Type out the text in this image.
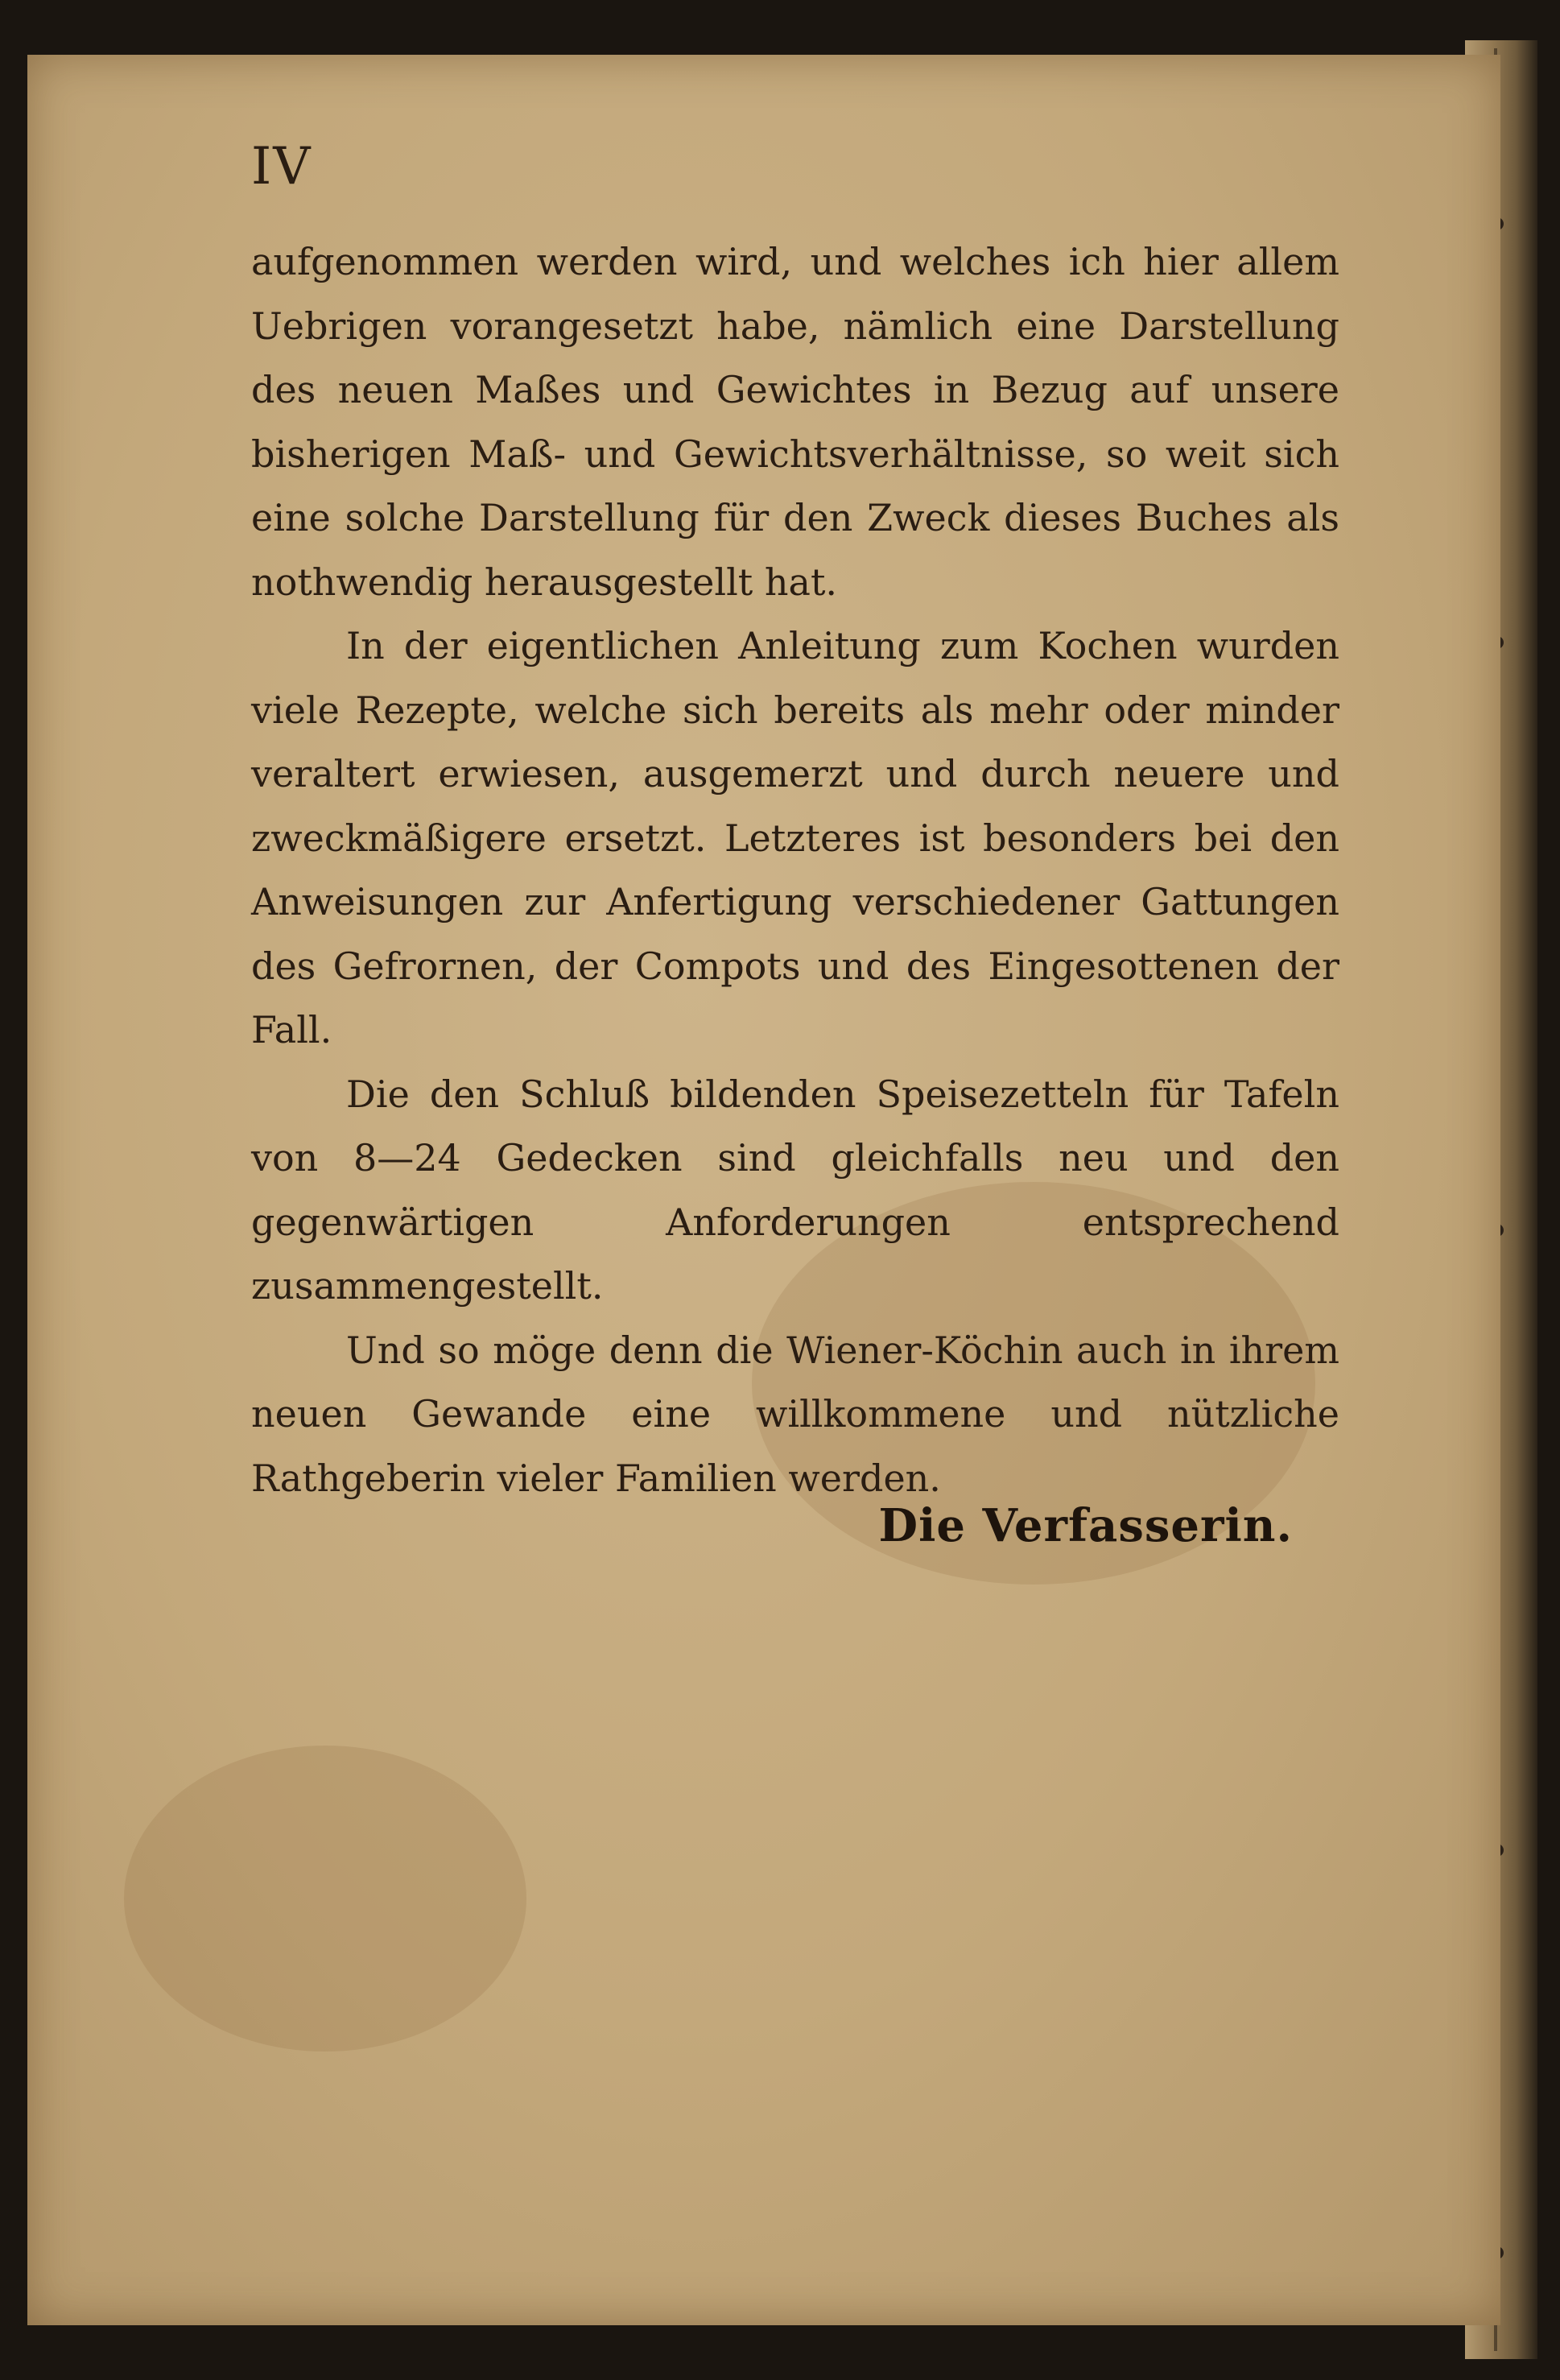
IV

aufgenommen werden wird, und welches ich hier allem Uebrigen vorangesetzt habe, nämlich eine Darstellung des neuen Maßes und Gewichtes in Bezug auf unsere bisherigen Maß- und Gewichtsverhältnisse, so weit sich eine solche Darstellung für den Zweck dieses Buches als nothwendig herausgestellt hat.

In der eigentlichen Anleitung zum Kochen wurden viele Rezepte, welche sich bereits als mehr oder minder veraltert erwiesen, ausgemerzt und durch neuere und zweckmäßigere ersetzt. Letzteres ist besonders bei den Anweisungen zur Anfertigung verschiedener Gattungen des Gefrornen, der Compots und des Eingesottenen der Fall.

Die den Schluß bildenden Speisezetteln für Tafeln von 8—24 Gedecken sind gleichfalls neu und den gegenwärtigen Anforderungen entsprechend zusammengestellt.

Und so möge denn die Wiener-Köchin auch in ihrem neuen Gewande eine willkommene und nützliche Rathgeberin vieler Familien werden.

Die Verfasserin.
